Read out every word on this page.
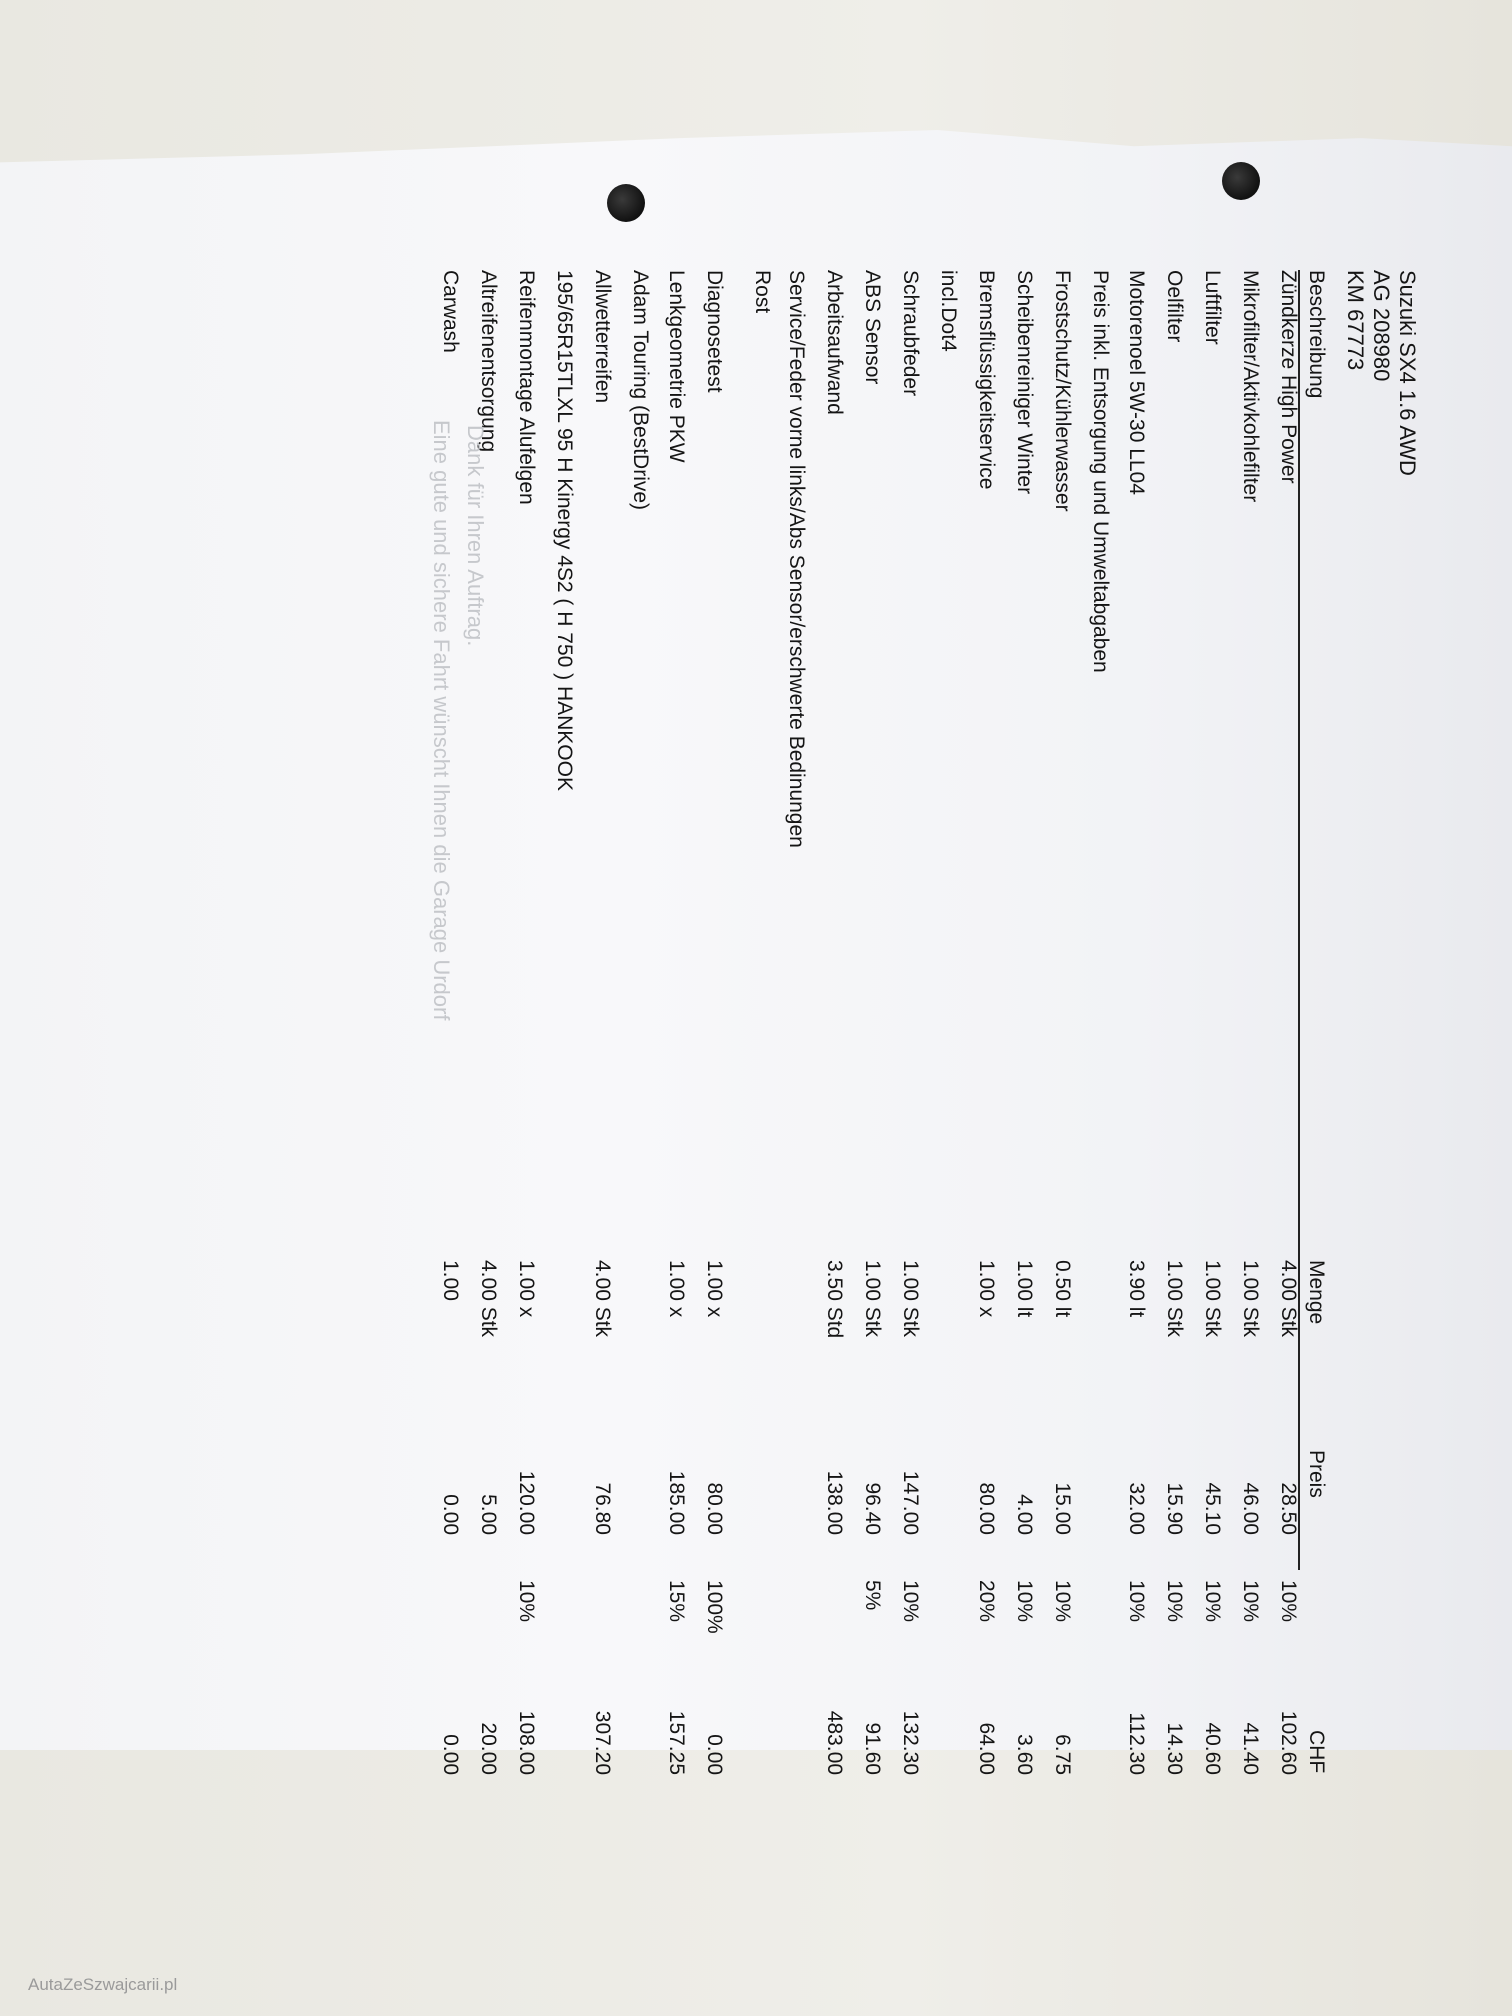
Suzuki SX4 1.6 AWD
AG 208980
KM 67773
Beschreibung
Menge
Preis
CHF
Zündkerze High Power
4.00 Stk
28.50
10%
102.60
Mikrofilter/Aktivkohlefilter
1.00 Stk
46.00
10%
41.40
Luftfilter
1.00 Stk
45.10
10%
40.60
Oelfilter
1.00 Stk
15.90
10%
14.30
Motorenoel 5W-30 LL04
3.90 lt
32.00
10%
112.30
Preis inkl. Entsorgung und Umweltabgaben
Frostschutz/Kühlerwasser
0.50 lt
15.00
10%
6.75
Scheibenreiniger Winter
1.00 lt
4.00
10%
3.60
Bremsflüssigkeitservice
1.00 x
80.00
20%
64.00
incl.Dot4
Schraubfeder
1.00 Stk
147.00
10%
132.30
ABS Sensor
1.00 Stk
96.40
5%
91.60
Arbeitsaufwand
3.50 Std
138.00
483.00
Service/Feder vorne links/Abs Sensor/erschwerte Bedinungen
Rost
Diagnosetest
1.00 x
80.00
100%
0.00
Lenkgeometrie PKW
1.00 x
185.00
15%
157.25
Adam Touring (BestDrive)
Allwetterreifen
4.00 Stk
76.80
307.20
195/65R15TLXL 95 H Kinergy 4S2 ( H 750 ) HANKOOK
Reifenmontage Alufelgen
1.00 x
120.00
10%
108.00
Altreifenentsorgung
4.00 Stk
5.00
20.00
Carwash
1.00
0.00
0.00
Dank für Ihren Auftrag.
Eine gute und sichere Fahrt wünscht Ihnen die Garage Urdorf
AutaZeSzwajcarii.pl
